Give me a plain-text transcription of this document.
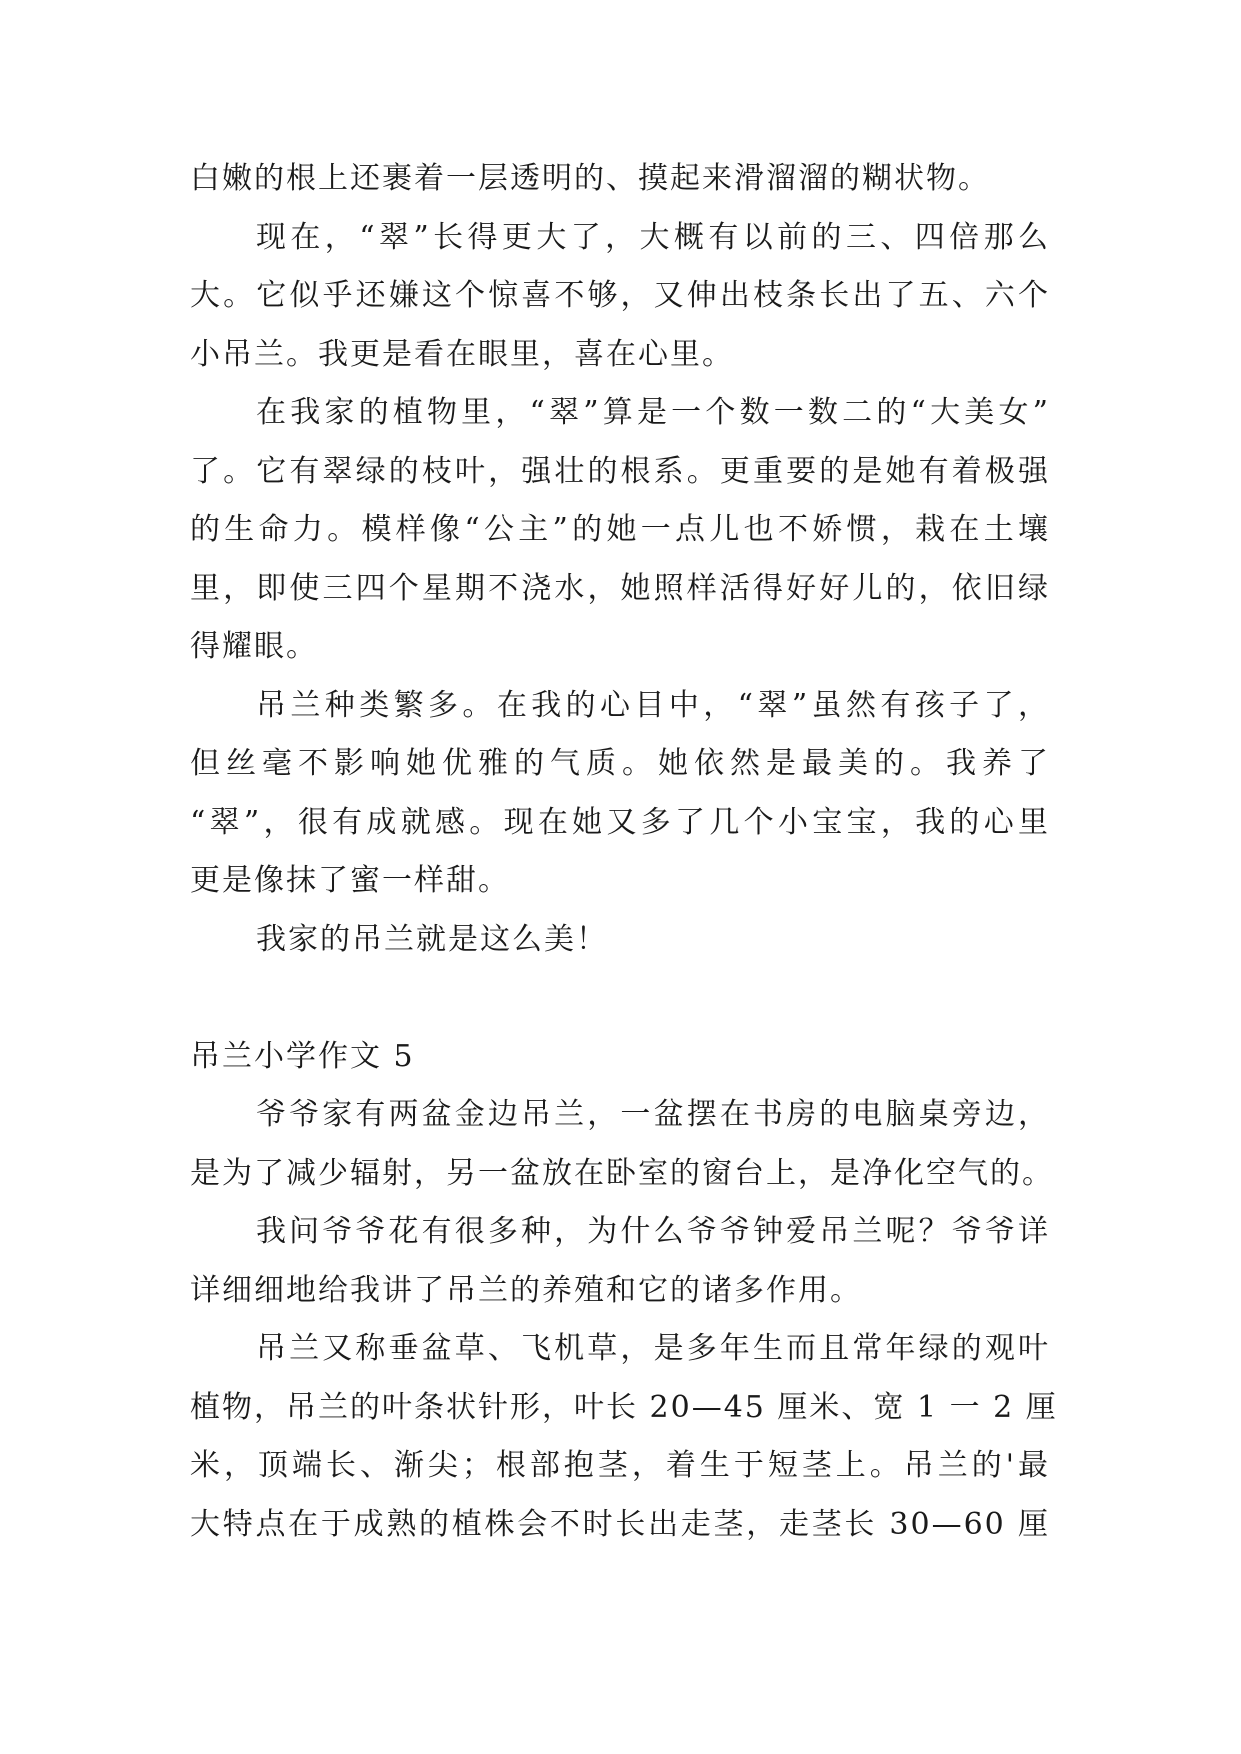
白嫩的根上还裹着一层透明的、摸起来滑溜溜的糊状物。
现在，“翠”长得更大了，大概有以前的三、四倍那么
大。它似乎还嫌这个惊喜不够，又伸出枝条长出了五、六个
小吊兰。我更是看在眼里，喜在心里。
在我家的植物里，“翠”算是一个数一数二的“大美女”
了。它有翠绿的枝叶，强壮的根系。更重要的是她有着极强
的生命力。模样像“公主”的她一点儿也不娇惯，栽在土壤
里，即使三四个星期不浇水，她照样活得好好儿的，依旧绿
得耀眼。
吊兰种类繁多。在我的心目中，“翠”虽然有孩子了，
但丝毫不影响她优雅的气质。她依然是最美的。我养了
“翠”，很有成就感。现在她又多了几个小宝宝，我的心里
更是像抹了蜜一样甜。
我家的吊兰就是这么美！
吊兰小学作文 5
爷爷家有两盆金边吊兰，一盆摆在书房的电脑桌旁边，
是为了减少辐射，另一盆放在卧室的窗台上，是净化空气的。
我问爷爷花有很多种，为什么爷爷钟爱吊兰呢？爷爷详
详细细地给我讲了吊兰的养殖和它的诸多作用。
吊兰又称垂盆草、飞机草，是多年生而且常年绿的观叶
植物，吊兰的叶条状针形，叶长 20—45 厘米、宽 1 一 2 厘
米，顶端长、渐尖；根部抱茎，着生于短茎上。吊兰的'最
大特点在于成熟的植株会不时长出走茎，走茎长 30—60 厘
